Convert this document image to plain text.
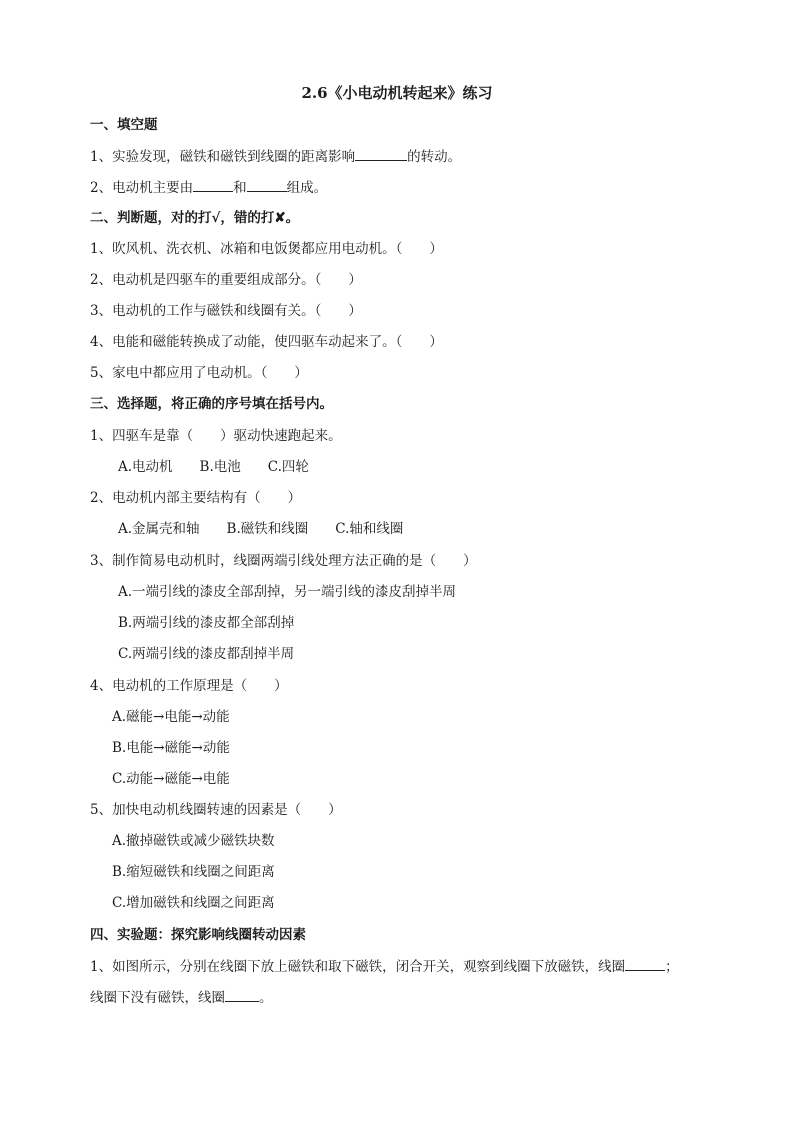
2.6《小电动机转起来》练习
一、填空题
1、实验发现，磁铁和磁铁到线圈的距离影响	的转动。
2、电动机主要由	和	组成。
二、判断题，对的打√，错的打✘。
1、吹风机、洗衣机、冰箱和电饭煲都应用电动机。（　　）
2、电动机是四驱车的重要组成部分。（　　）
3、电动机的工作与磁铁和线圈有关。（　　）
4、电能和磁能转换成了动能，使四驱车动起来了。（　　）
5、家电中都应用了电动机。（　　）
三、选择题，将正确的序号填在括号内。
1、四驱车是靠（　　）驱动快速跑起来。
A.电动机　　B.电池　　C.四轮
2、电动机内部主要结构有（　　）
A.金属壳和轴　　B.磁铁和线圈　　C.轴和线圈
3、制作简易电动机时，线圈两端引线处理方法正确的是（　　）
A.一端引线的漆皮全部刮掉，另一端引线的漆皮刮掉半周
B.两端引线的漆皮都全部刮掉
C.两端引线的漆皮都刮掉半周
4、电动机的工作原理是（　　）
A.磁能→电能→动能
B.电能→磁能→动能
C.动能→磁能→电能
5、加快电动机线圈转速的因素是（　　）
A.撤掉磁铁或减少磁铁块数
B.缩短磁铁和线圈之间距离
C.增加磁铁和线圈之间距离
四、实验题：探究影响线圈转动因素
1、如图所示，分别在线圈下放上磁铁和取下磁铁，闭合开关，观察到线圈下放磁铁，线圈	；
线圈下没有磁铁，线圈	。
